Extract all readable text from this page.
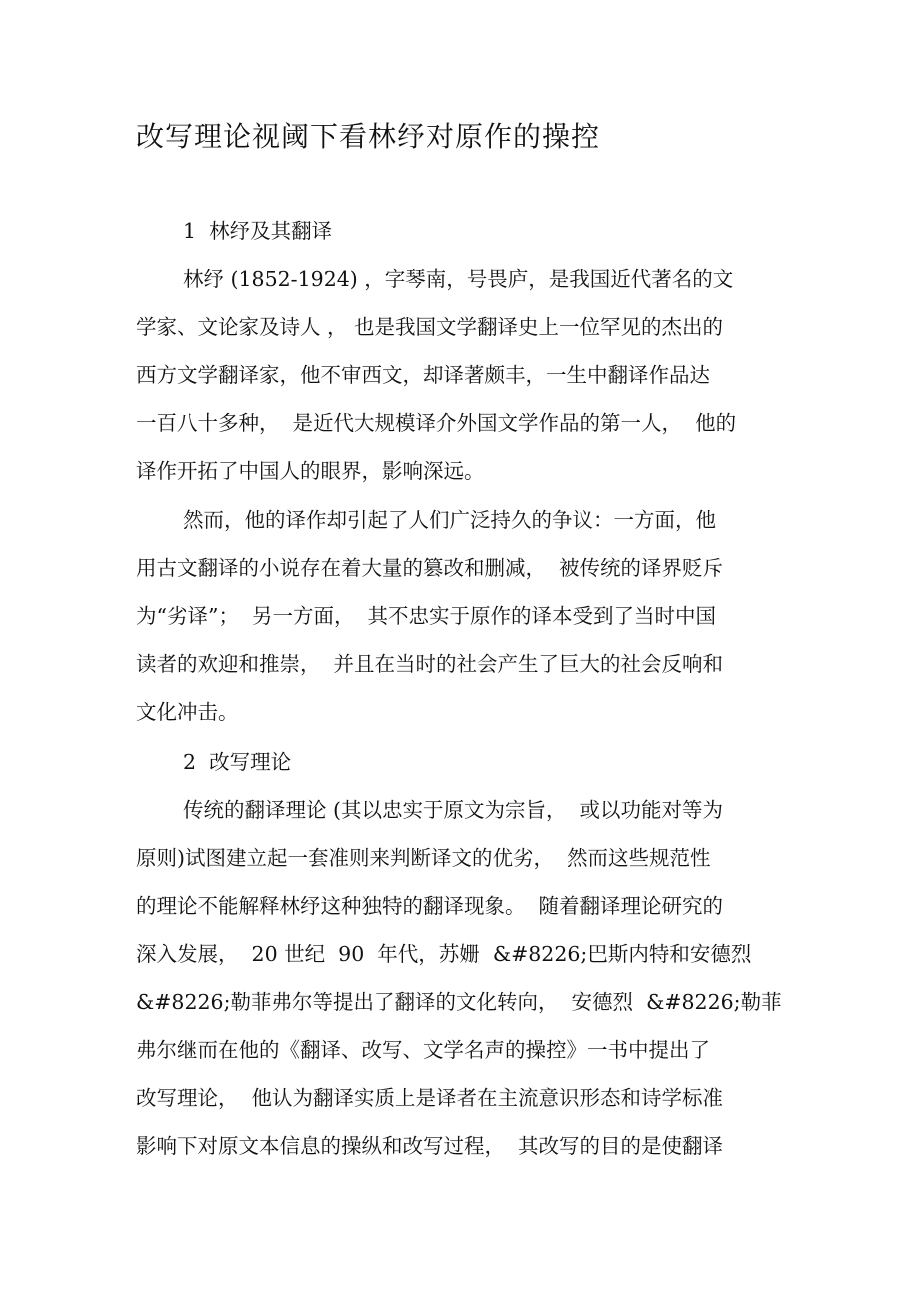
改写理论视阈下看林纾对原作的操控

1  林纾及其翻译

林纾 (1852-1924) ，字琴南，号畏庐，是我国近代著名的文

学家、文论家及诗人 ， 也是我国文学翻译史上一位罕见的杰出的

西方文学翻译家，他不审西文，却译著颇丰，一生中翻译作品达

一百八十多种，  是近代大规模译介外国文学作品的第一人，  他的

译作开拓了中国人的眼界，影响深远。

然而，他的译作却引起了人们广泛持久的争议：一方面，他

用古文翻译的小说存在着大量的篡改和删减，  被传统的译界贬斥

为“劣译”；  另一方面，  其不忠实于原作的译本受到了当时中国

读者的欢迎和推崇，  并且在当时的社会产生了巨大的社会反响和

文化冲击。

2  改写理论

传统的翻译理论 (其以忠实于原文为宗旨，  或以功能对等为

原则)试图建立起一套准则来判断译文的优劣，  然而这些规范性

的理论不能解释林纾这种独特的翻译现象。  随着翻译理论研究的

深入发展，  20 世纪  90  年代，苏姗  &#8226;巴斯内特和安德烈

&#8226;勒菲弗尔等提出了翻译的文化转向，  安德烈  &#8226;勒菲

弗尔继而在他的《翻译、改写、文学名声的操控》一书中提出了

改写理论，  他认为翻译实质上是译者在主流意识形态和诗学标准

影响下对原文本信息的操纵和改写过程，  其改写的目的是使翻译
